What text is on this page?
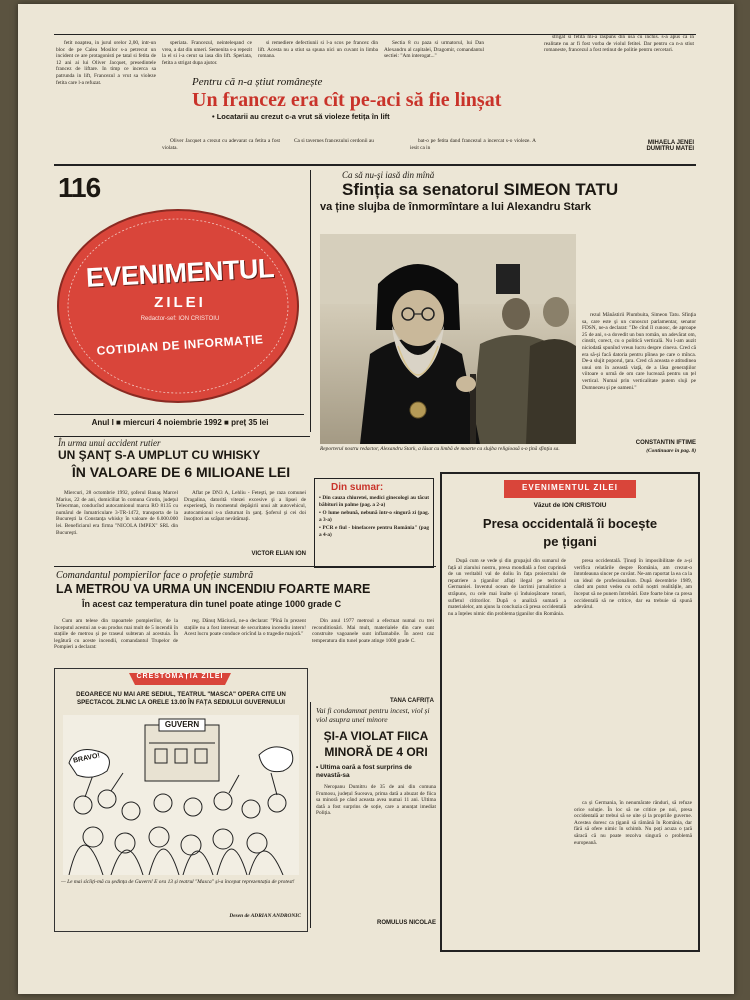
fetit noaptea, in jurul orelor 2,00, intr-un bloc de pe Calea Mosilor s-a petrecut un incident ce are protagonisti pe tatal si fetita de 12 ani ai lui Oliver Jacquet, presedintele francez de liftare. In timp ce incerca sa patrunda in lift, Francezul a vrut sa violeze fetita care l-a refuzat.

speriata. Francezul, neinteleqand ce vrea, a dat din umeri. Semenita s-a repezit la el si i-a cerut sa iasa din lift. Speriata, fetita a strigat dupa ajutor.

si remediere defectiunii si l-a scos pe francez din lift. Acesta nu a stiut sa spuna nici un cuvant in limba romana.

Sectia 8 cu paza si urmatorul, lui Dan Alexandru al capitalei, Dragomir, comandantul sectiei: "Am interogat..."

strigat si fetita mi-a raspuns din usa cu inchis. s-a apus ca in realitate nu ar fi fost vorba de violul fetitei. Dar pentru ca n-a stiut romaneste, francezul a fost retinut de politie pentru cercetari.

Pentru că n-a știut românește
Un francez era cît pe-aci să fie linșat
• Locatarii au crezut c-a vrut să violeze fetița în lift

Oliver Jacquet a crezut cu adevarat ca fetita a fost violata.

Ca si tavernes francezului cerdonii au	bat-o pe fetita dand francezul a incercat s-o violeze. A iesit ca in

MIHAELA JENEI
DUMITRU MATEI
116
EVENIMENTUL
ZILEI
Redactor-sef: ION CRISTOIU
COTIDIAN DE INFORMAȚIE
Anul I ■ miercuri 4 noiembrie 1992 ■ preț 35 lei
Ca să nu-şi iasă din mînă
Sfinția sa senatorul SIMEON TATU
va ține slujba de înmormîntare a lui Alexandru Stark
Reporterul nostru redactor, Alexandru Stark, a lăsat cu limbă de moarte ca slujba religioasă s-o ţină sfinţia sa.

rezul Mănăstirii Plumbuita, Simeon Tatu. Sfinţia sa, care este şi un cunoscut parlamentar, senator FDSN, ne-a declarat: "De cînd îl cunosc, de aproape 25 de ani, s-a dovedit un bun român, un adevărat om, cinstit, corect, cu o politică verticală. Nu l-am auzit niciodată spunînd vreun lucru despre cineva. Cred că era să-şi facă datoria pentru pîinea pe care o mînca. De-a slujit poporul, ţara. Cred că aceasta e atitudinea unui om în această viaţă, de a lăsa generaţiilor viitoare o urmă de om care lucrează pentru un țel vertical. Numai prin verticalitate putem sluji pe Dumnezeu şi pe oameni."

CONSTANTIN IFTIME
(Continuare în pag. 8)
În urma unui accident rutier
UN ŞANŢ S-A UMPLUT CU WHISKY
ÎN VALOARE DE 6 MILIOANE LEI

Miercuri, 28 octombrie 1992, şoferul Banaş Marcel Marius, 22 de ani, domiciliat în comuna Grotin, judeţul Teleorman, conducînd autocamionul marca RO 8135 cu numărul de înmatriculare 3-TR-1472, transporta de la Bucureşti la Constanţa whisky în valoare de 6.000.000 lei. Beneficiarul era firma "NICOLA IMPEX" SRL din Bucureşti.

Aflat pe DN3 A, Lehliu - Feteşti, pe raza comunei Dragalina, datorită vitezei excesive şi a lipsei de experienţă, în momentul depăşirii unui alt autovehicul, autocamionul s-a răsturnat în şanţ. Şoferul şi cei doi însoţitori au scăpat nevătămaţi.

VICTOR ELIAN ION
Din sumar:
• Din cauza chiuretei, medici ginecologi au tăcut băbituri în palme (pag. a 2-a)
• O lume nebună, nebună într-o singură zi (pag. a 3-a)
• PCR e fiul - binefacere pentru România" (pag a 4-a)
Comandantul pompierilor face o profeție sumbră
LA METROU VA URMA UN INCENDIU FOARTE MARE
În acest caz temperatura din tunel poate atinge 1000 grade C

Cum am telese din rapoartele pompierilor, de la începutul acestui an s-au produs mai mult de 5 incendii în stațiile de metrou și pe traseul subteran al acestuia. În legătură cu aceste incendii, comandantul Trupelor de Pompieri a declarat:

reg. Dănuț Măciucă, ne-a declarat: "Pînă în prezent stațiile nu a fost interesat de securitatea incendiu intern! Acest lucru poate conduce oricînd la o tragedie majoră."

Din anul 1977 metroul a efectuat numai cu trei reconditionări. Mai mult, materialele din care sunt construite vagoanele sunt inflamabile. În acest caz temperatura din tunel poate atinge 1000 grade C.

TANA CAFRIȚA
CRESTOMAȚIA ZILEI
DEOARECE NU MAI ARE SEDIUL, TEATRUL "MASCA" OPERA CITE UN SPECTACOL ZILNIC LA ORELE 13.00 ÎN FAȚA SEDIULUI GUVERNULUI
GUVERN
BRAVO!
— Le mai sîcîiți-mă cu ședința de Guvern! E ora 13 și teatrul "Masca" și-a început reprezentația de protest!
Desen de ADRIAN ANDRONIC
Vai fi condamnat pentru incest, viol și viol asupra unei minore
ȘI-A VIOLAT FIICA
MINORĂ DE 4 ORI
• Ultima oară a fost surprins de nevastă-sa

Neropanu Dumitru de 35 de ani din comuna Frumosu, județul Suceava, prima dată a abuzat de fiica sa minoră pe când aceasta avea numai 11 ani. Ultima dată a fost surprins de soție, care a anunțat imediat Poliția.

ROMULUS NICOLAE
EVENIMENTUL ZILEI
Văzut de ION CRISTOIU
Presa occidentală îi bocește
pe țigani

După cum se vede și din grupajul din sumarul de față al ziarului nostru, presa mondială a fost cuprinsă de un veritabil val de doliu în fața proiectului de repatriere a țiganilor aflați ilegal pe teritoriul Germaniei. Inventul ocean de lacrimi jurnalistice a străpuns, cu cele mai înalte și înduioșătoare tonuri, sufletul cititorilor. După o analiză sumară a materialelor, am ajuns la concluzia că presa occidentală nu a înțeles nimic din problema țiganilor din România.

presa occidentală. Ținuți în imposibilitate de a-și verifica relatările despre România, am crezut-o întotdeauna sincer pe cuvânt. Ne-am raportat la ea ca la un ideal de profesionalism. După decembrie 1989, când am putut vedea cu ochii noștri realitățile, am început să ne punem întrebări. Este foarte bine ca presa occidentală să ne critice, dar ea trebuie să spună adevărul.

ca și Germania, în nenumărate rânduri, să refuze orice soluție. În loc să ne critice pe noi, presa occidentală ar trebui să se uite și la propriile guverne. Acestea doresc ca țiganii să rămână în România, dar fără să ofere nimic în schimb. Nu poți acuza o țară săracă că nu poate rezolva singură o problemă europeană.
